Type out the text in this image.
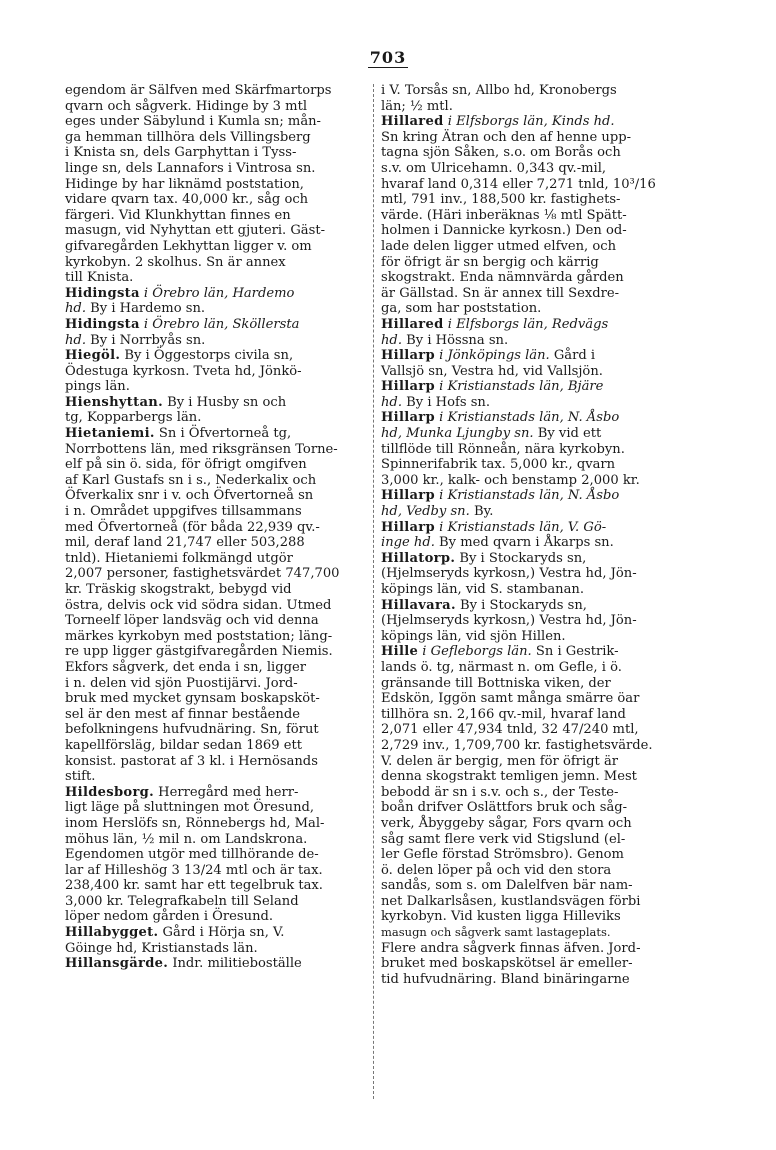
703
egendom är Sälfven med Skärfmartorps
qvarn och sågverk. Hidinge by 3 mtl
eges under Säbylund i Kumla sn; mån-
ga hemman tillhöra dels Villingsberg
i Knista sn, dels Garphyttan i Tyss-
linge sn, dels Lannafors i Vintrosa sn.
Hidinge by har liknämd poststation,
vidare qvarn tax. 40,000 kr., såg och
färgeri. Vid Klunkhyttan finnes en
masugn, vid Nyhyttan ett gjuteri. Gäst-
gifvaregården Lekhyttan ligger v. om
kyrkobyn. 2 skolhus. Sn är annex
till Knista.
Hidingsta i Örebro län, Hardemo
hd. By i Hardemo sn.
Hidingsta i Örebro län, Sköllersta
hd. By i Norrbyås sn.
Hiegöl. By i Öggestorps civila sn,
Ödestuga kyrkosn. Tveta hd, Jönkö-
pings län.
Hienshyttan. By i Husby sn och
tg, Kopparbergs län.
Hietaniemi. Sn i Öfvertorneå tg,
Norrbottens län, med riksgränsen Torne-
elf på sin ö. sida, för öfrigt omgifven
af Karl Gustafs sn i s., Nederkalix och
Öfverkalix snr i v. och Öfvertorneå sn
i n. Området uppgifves tillsammans
med Öfvertorneå (för båda 22,939 qv.-
mil, deraf land 21,747 eller 503,288
tnld). Hietaniemi folkmängd utgör
2,007 personer, fastighetsvärdet 747,700
kr. Träskig skogstrakt, bebygd vid
östra, delvis ock vid södra sidan. Utmed
Torneelf löper landsväg och vid denna
märkes kyrkobyn med poststation; läng-
re upp ligger gästgifvaregården Niemis.
Ekfors sågverk, det enda i sn, ligger
i n. delen vid sjön Puostijärvi. Jord-
bruk med mycket gynsam boskapsköt-
sel är den mest af finnar bestående
befolkningens hufvudnäring. Sn, förut
kapellförsläg, bildar sedan 1869 ett
konsist. pastorat af 3 kl. i Hernösands
stift.
Hildesborg. Herregård med herr-
ligt läge på sluttningen mot Öresund,
inom Herslöfs sn, Rönnebergs hd, Mal-
möhus län, ½ mil n. om Landskrona.
Egendomen utgör med tillhörande de-
lar af Hilleshög 3 13/24 mtl och är tax.
238,400 kr. samt har ett tegelbruk tax.
3,000 kr. Telegrafkabeln till Seland
löper nedom gården i Öresund.
Hillabygget. Gård i Hörja sn, V.
Göinge hd, Kristianstads län.
Hillansgärde. Indr. militieboställe
i V. Torsås sn, Allbo hd, Kronobergs
län; ½ mtl.
Hillared i Elfsborgs län, Kinds hd.
Sn kring Ätran och den af henne upp-
tagna sjön Såken, s.o. om Borås och
s.v. om Ulricehamn. 0,343 qv.-mil,
hvaraf land 0,314 eller 7,271 tnld, 10³/16
mtl, 791 inv., 188,500 kr. fastighets-
värde. (Häri inberäknas ⅛ mtl Spätt-
holmen i Dannicke kyrkosn.) Den od-
lade delen ligger utmed elfven, och
för öfrigt är sn bergig och kärrig
skogstrakt. Enda nämnvärda gården
är Gällstad. Sn är annex till Sexdre-
ga, som har poststation.
Hillared i Elfsborgs län, Redvägs
hd. By i Hössna sn.
Hillarp i Jönköpings län. Gård i
Vallsjö sn, Vestra hd, vid Vallsjön.
Hillarp i Kristianstads län, Bjäre
hd. By i Hofs sn.
Hillarp i Kristianstads län, N. Åsbo
hd, Munka Ljungby sn. By vid ett
tillflöde till Rönneån, nära kyrkobyn.
Spinnerifabrik tax. 5,000 kr., qvarn
3,000 kr., kalk- och benstamp 2,000 kr.
Hillarp i Kristianstads län, N. Åsbo
hd, Vedby sn. By.
Hillarp i Kristianstads län, V. Gö-
inge hd. By med qvarn i Åkarps sn.
Hillatorp. By i Stockaryds sn,
(Hjelmseryds kyrkosn,) Vestra hd, Jön-
köpings län, vid S. stambanan.
Hillavara. By i Stockaryds sn,
(Hjelmseryds kyrkosn,) Vestra hd, Jön-
köpings län, vid sjön Hillen.
Hille i Gefleborgs län. Sn i Gestrik-
lands ö. tg, närmast n. om Gefle, i ö.
gränsande till Bottniska viken, der
Edskön, Iggön samt många smärre öar
tillhöra sn. 2,166 qv.-mil, hvaraf land
2,071 eller 47,934 tnld, 32 47/240 mtl,
2,729 inv., 1,709,700 kr. fastighetsvärde.
V. delen är bergig, men för öfrigt är
denna skogstrakt temligen jemn. Mest
bebodd är sn i s.v. och s., der Teste-
boån drifver Oslättfors bruk och såg-
verk, Åbyggeby sågar, Fors qvarn och
såg samt flere verk vid Stigslund (el-
ler Gefle förstad Strömsbro). Genom
ö. delen löper på och vid den stora
sandås, som s. om Dalelfven bär nam-
net Dalkarlsåsen, kustlandsvägen förbi
kyrkobyn. Vid kusten ligga Hilleviks
masugn och sågverk samt lastageplats.
Flere andra sågverk finnas äfven. Jord-
bruket med boskapskötsel är emeller-
tid hufvudnäring. Bland binäringarne
